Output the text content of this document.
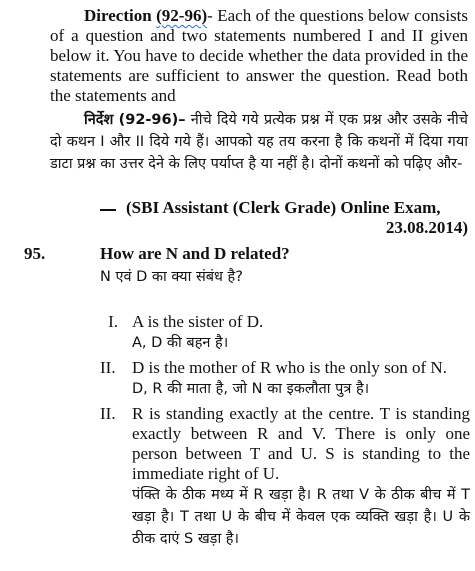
Direction (92-96)- Each of the questions below consists of a question and two statements numbered I and II given below it. You have to decide whether the data provided in the statements are sufficient to answer the question. Read both the statements and

निर्देश (92-96)– नीचे दिये गये प्रत्येक प्रश्न में एक प्रश्न और उसके नीचे दो कथन I और II दिये गये हैं। आपको यह तय करना है कि कथनों में दिया गया डाटा प्रश्न का उत्तर देने के लिए पर्याप्त है या नहीं है। दोनों कथनों को पढ़िए और-

(SBI Assistant (Clerk Grade) Online Exam,
23.08.2014)
95.	How are N and D related?
N एवं D का क्या संबंध है?
I. A is the sister of D.
A, D की बहन है।
II. D is the mother of R who is the only son of N.
D, R की माता है, जो N का इकलौता पुत्र है।
II. R is standing exactly at the centre. T is standing exactly between R and V. There is only one person between T and U. S is standing to the immediate right of U.
पंक्ति के ठीक मध्य में R खड़ा है। R तथा V के ठीक बीच में T खड़ा है। T तथा U के बीच में केवल एक व्यक्ति खड़ा है। U के ठीक दाएं S खड़ा है।
